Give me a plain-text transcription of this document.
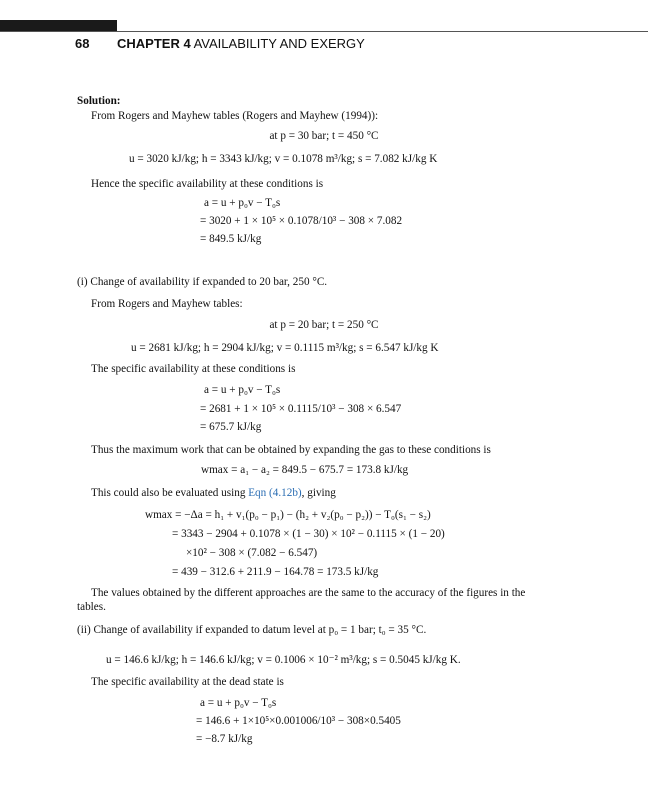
68 CHAPTER 4 AVAILABILITY AND EXERGY
Solution:
From Rogers and Mayhew tables (Rogers and Mayhew (1994)):
at p = 30 bar; t = 450 °C
u = 3020 kJ/kg; h = 3343 kJ/kg; v = 0.1078 m³/kg; s = 7.082 kJ/kg K
Hence the specific availability at these conditions is
a = u + p₀v − T₀s
= 3020 + 1 × 10⁵ × 0.1078/10³ − 308 × 7.082
= 849.5 kJ/kg
(i) Change of availability if expanded to 20 bar, 250 °C.
From Rogers and Mayhew tables:
at p = 20 bar; t = 250 °C
u = 2681 kJ/kg; h = 2904 kJ/kg; v = 0.1115 m³/kg; s = 6.547 kJ/kg K
The specific availability at these conditions is
a = u + p₀v − T₀s
= 2681 + 1 × 10⁵ × 0.1115/10³ − 308 × 6.547
= 675.7 kJ/kg
Thus the maximum work that can be obtained by expanding the gas to these conditions is
wmax = a₁ − a₂ = 849.5 − 675.7 = 173.8 kJ/kg
This could also be evaluated using Eqn (4.12b), giving
wmax = −Δa = h₁ + v₁(p₀ − p₁) − (h₂ + v₂(p₀ − p₂)) − T₀(s₁ − s₂)
= 3343 − 2904 + 0.1078 × (1 − 30) × 10² − 0.1115 × (1 − 20)
×10² − 308 × (7.082 − 6.547)
= 439 − 312.6 + 211.9 − 164.78 = 173.5 kJ/kg
The values obtained by the different approaches are the same to the accuracy of the figures in the
tables.
(ii) Change of availability if expanded to datum level at p₀ = 1 bar; t₀ = 35 °C.
u = 146.6 kJ/kg; h = 146.6 kJ/kg; v = 0.1006 × 10⁻² m³/kg; s = 0.5045 kJ/kg K.
The specific availability at the dead state is
a = u + p₀v − T₀s
= 146.6 + 1×10⁵×0.001006/10³ − 308×0.5405
= −8.7 kJ/kg
